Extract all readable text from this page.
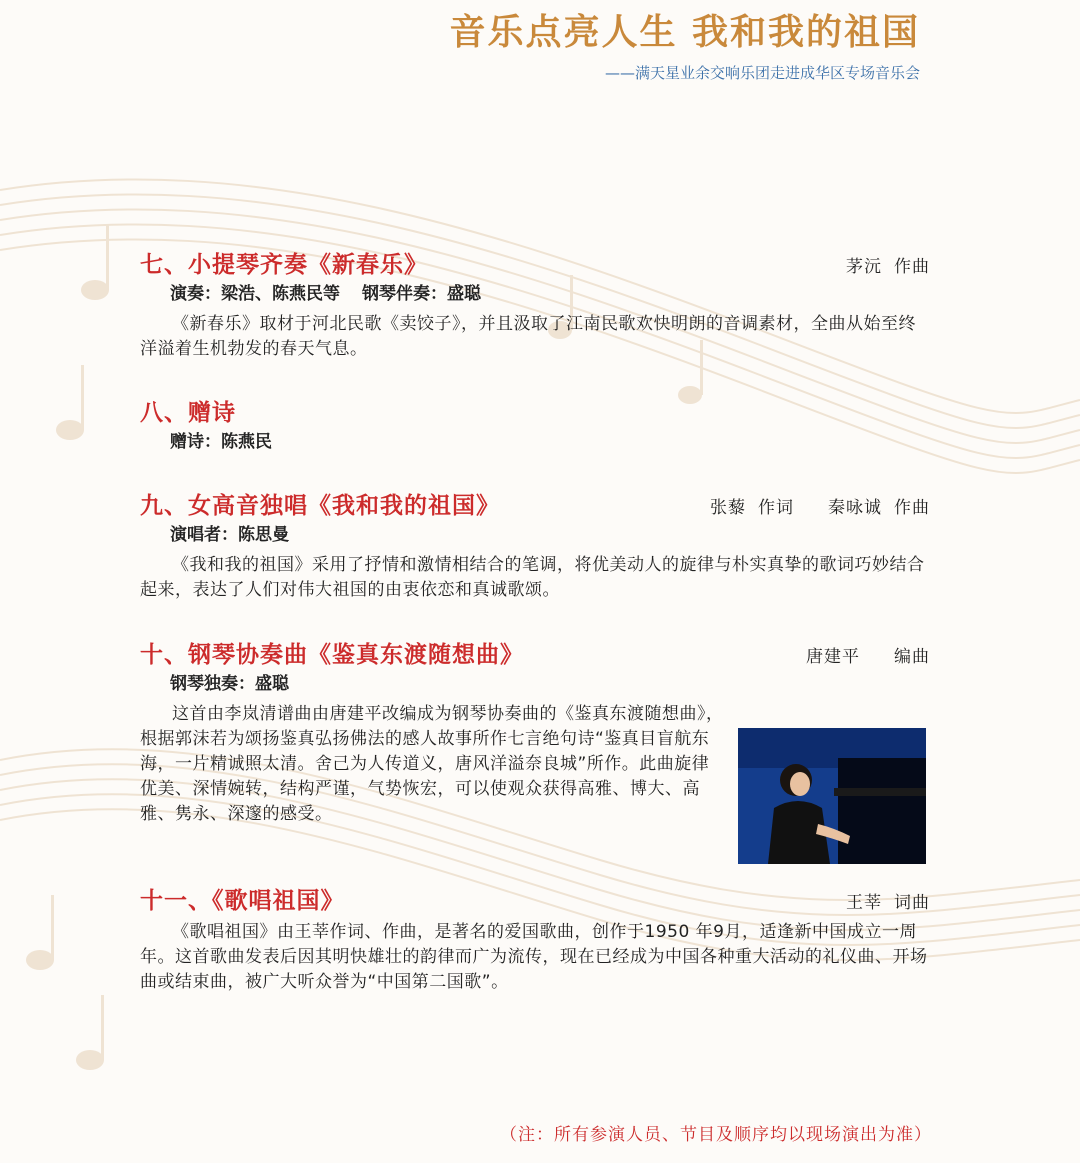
音乐点亮人生 我和我的祖国
——满天星业余交响乐团走进成华区专场音乐会
七、小提琴齐奏《新春乐》	茅沅 作曲
演奏：梁浩、陈燕民等 钢琴伴奏：盛聪
《新春乐》取材于河北民歌《卖饺子》，并且汲取了江南民歌欢快明朗的音调素材，全曲从始至终洋溢着生机勃发的春天气息。
八、赠诗
赠诗：陈燕民
九、女高音独唱《我和我的祖国》	张藜 作词 秦咏诚 作曲
演唱者：陈思曼
《我和我的祖国》采用了抒情和激情相结合的笔调，将优美动人的旋律与朴实真挚的歌词巧妙结合起来，表达了人们对伟大祖国的由衷依恋和真诚歌颂。
十、钢琴协奏曲《鉴真东渡随想曲》	唐建平 编曲
钢琴独奏：盛聪
这首由李岚清谱曲由唐建平改编成为钢琴协奏曲的《鉴真东渡随想曲》，根据郭沫若为颂扬鉴真弘扬佛法的感人故事所作七言绝句诗“鉴真目盲航东海，一片精诚照太清。舍己为人传道义，唐风洋溢奈良城”所作。此曲旋律优美、深情婉转，结构严谨，气势恢宏，可以使观众获得高雅、博大、高雅、隽永、深邃的感受。
十一、《歌唱祖国》	王莘 词曲
《歌唱祖国》由王莘作词、作曲，是著名的爱国歌曲，创作于1950 年9月，适逢新中国成立一周年。这首歌曲发表后因其明快雄壮的韵律而广为流传，现在已经成为中国各种重大活动的礼仪曲、开场曲或结束曲，被广大听众誉为“中国第二国歌”。
（注：所有参演人员、节目及顺序均以现场演出为准）
